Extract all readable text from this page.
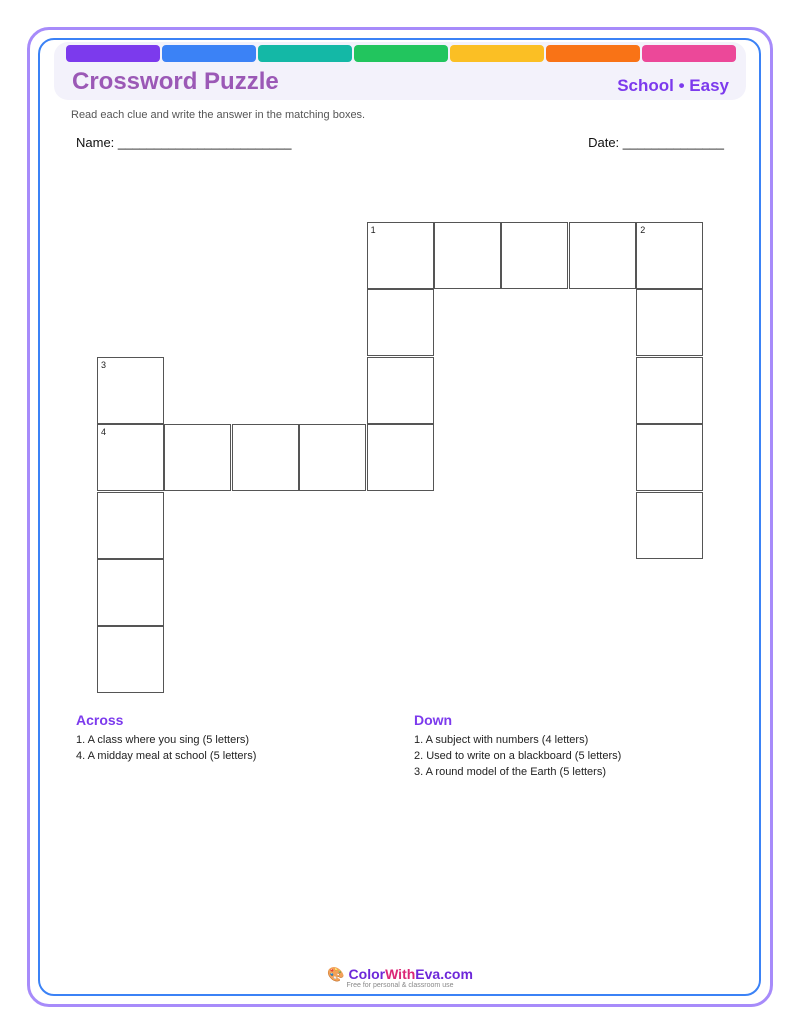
Crossword Puzzle	School • Easy
Read each clue and write the answer in the matching boxes.
Name: ________________________	Date: ______________
1	2
3
4
Across
1. A class where you sing (5 letters)
4. A midday meal at school (5 letters)
Down
1. A subject with numbers (4 letters)
2. Used to write on a blackboard (5 letters)
3. A round model of the Earth (5 letters)
🎨 ColorWithEva.com
Free for personal & classroom use
